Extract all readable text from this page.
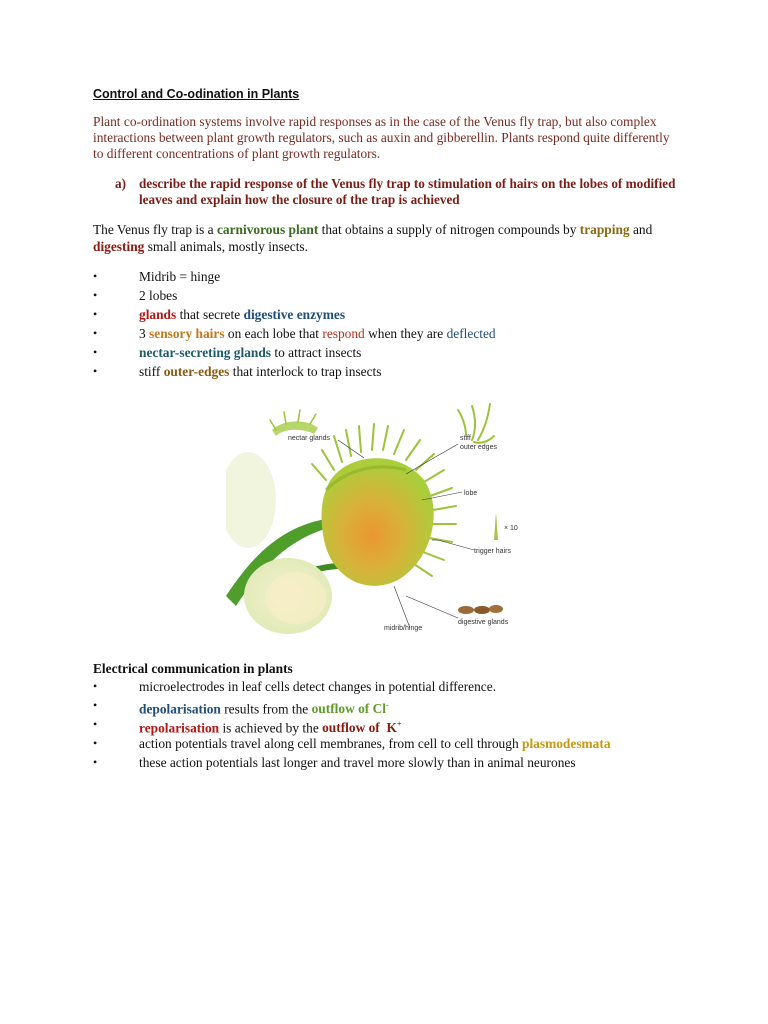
Control and Co-odination in Plants
Plant co-ordination systems involve rapid responses as in the case of the Venus fly trap, but also complex interactions between plant growth regulators, such as auxin and gibberellin. Plants respond quite differently to different concentrations of plant growth regulators.
a) describe the rapid response of the Venus fly trap to stimulation of hairs on the lobes of modified leaves and explain how the closure of the trap is achieved
The Venus fly trap is a carnivorous plant that obtains a supply of nitrogen compounds by trapping and digesting small animals, mostly insects.
•	Midrib = hinge
•	2 lobes
•	glands that secrete digestive enzymes
•	3 sensory hairs on each lobe that respond when they are deflected
•	nectar-secreting glands to attract insects
•	stiff outer-edges that interlock to trap insects
nectar glands	stiff
outer edges
lobe
× 10
trigger hairs
midrib/hinge
digestive glands
Electrical communication in plants
•	microelectrodes in leaf cells detect changes in potential difference.
•	depolarisation results from the outflow of Cl-
•	repolarisation is achieved by the outflow of  K+
•	action potentials travel along cell membranes, from cell to cell through plasmodesmata
•	these action potentials last longer and travel more slowly than in animal neurones
